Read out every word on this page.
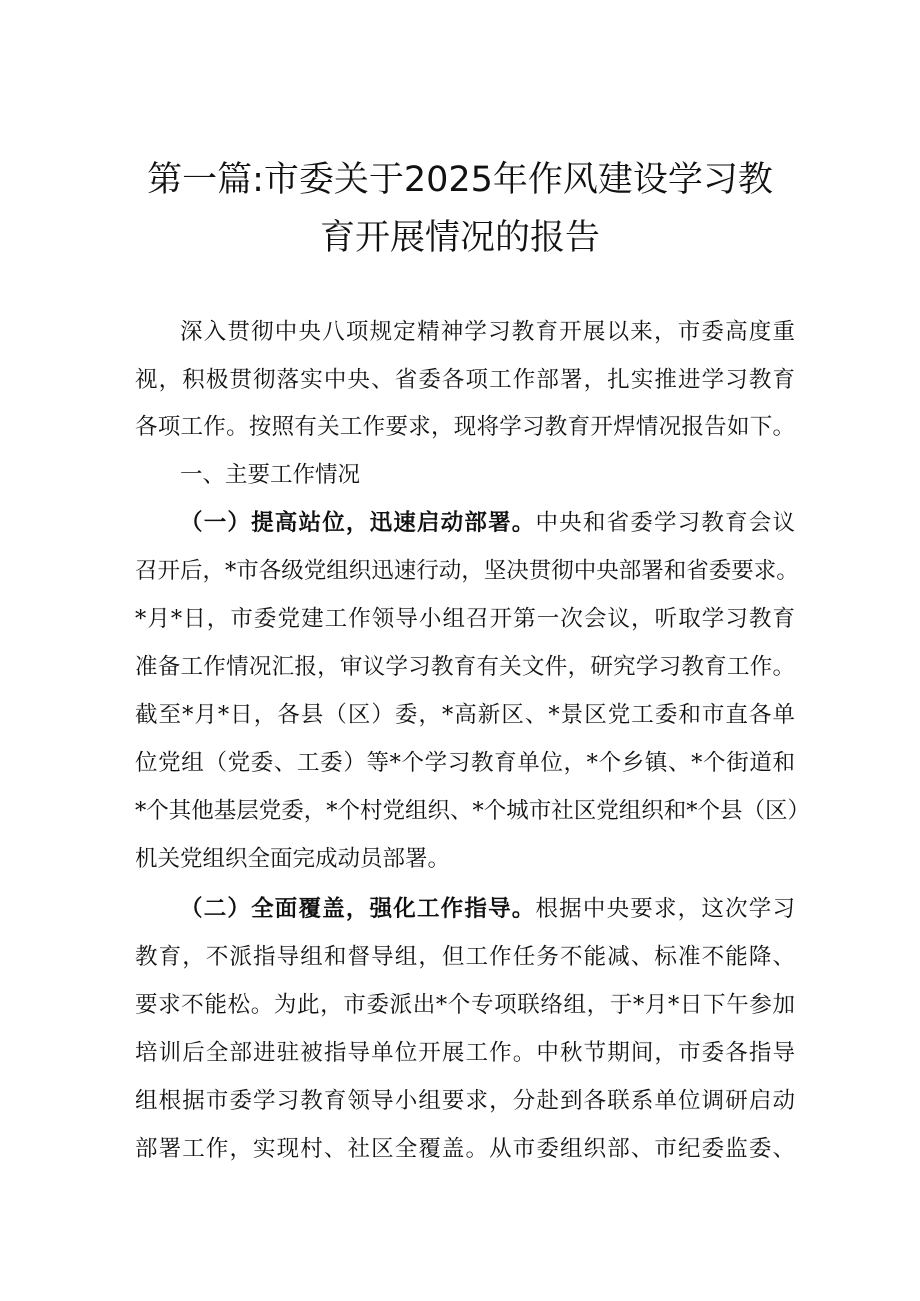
第一篇:市委关于2025年作风建设学习教
育开展情况的报告
深入贯彻中央八项规定精神学习教育开展以来，市委高度重
视，积极贯彻落实中央、省委各项工作部署，扎实推进学习教育
各项工作。按照有关工作要求，现将学习教育开焊情况报告如下。
一、主要工作情况
（一）提高站位，迅速启动部署。中央和省委学习教育会议
召开后，*市各级党组织迅速行动，坚决贯彻中央部署和省委要求。
*月*日，市委党建工作领导小组召开第一次会议，听取学习教育
准备工作情况汇报，审议学习教育有关文件，研究学习教育工作。
截至*月*日，各县（区）委，*高新区、*景区党工委和市直各单
位党组（党委、工委）等*个学习教育单位，*个乡镇、*个街道和
*个其他基层党委，*个村党组织、*个城市社区党组织和*个县（区）
机关党组织全面完成动员部署。
（二）全面覆盖，强化工作指导。根据中央要求，这次学习
教育，不派指导组和督导组，但工作任务不能减、标准不能降、
要求不能松。为此，市委派出*个专项联络组，于*月*日下午参加
培训后全部进驻被指导单位开展工作。中秋节期间，市委各指导
组根据市委学习教育领导小组要求，分赴到各联系单位调研启动
部署工作，实现村、社区全覆盖。从市委组织部、市纪委监委、
